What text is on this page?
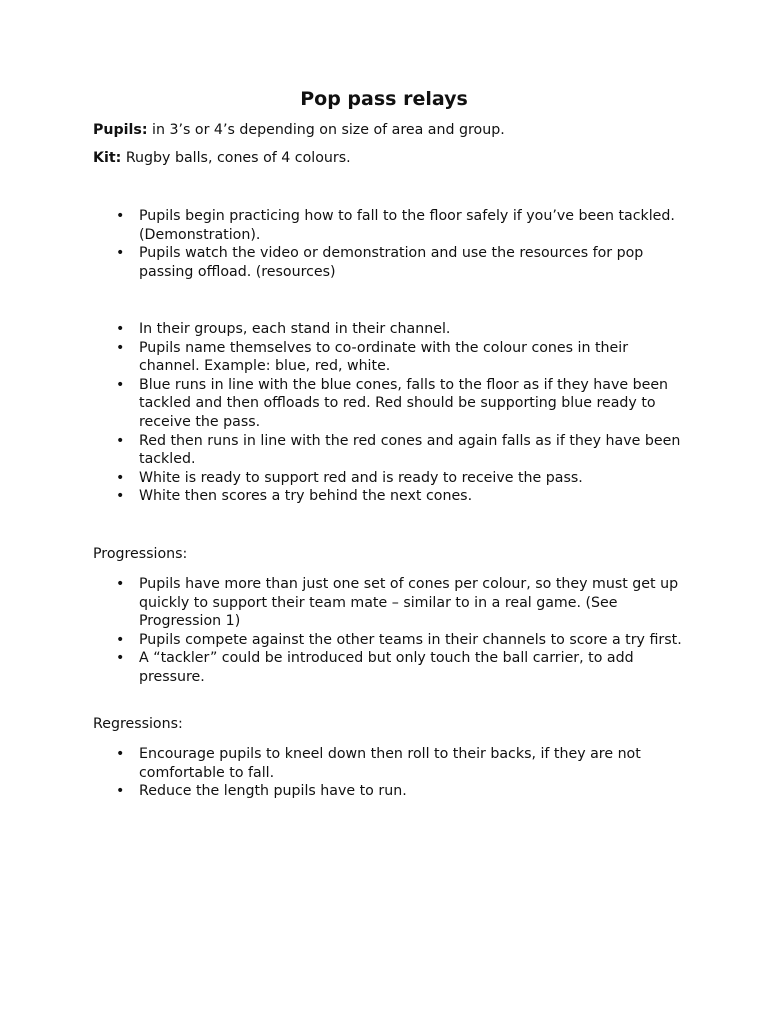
Pop pass relays
Pupils: in 3’s or 4’s depending on size of area and group.
Kit: Rugby balls, cones of 4 colours.
• Pupils begin practicing how to fall to the floor safely if you’ve been tackled. (Demonstration).
• Pupils watch the video or demonstration and use the resources for pop passing offload. (resources)
• In their groups, each stand in their channel.
• Pupils name themselves to co-ordinate with the colour cones in their channel. Example: blue, red, white.
• Blue runs in line with the blue cones, falls to the floor as if they have been tackled and then offloads to red. Red should be supporting blue ready to receive the pass.
• Red then runs in line with the red cones and again falls as if they have been tackled.
• White is ready to support red and is ready to receive the pass.
• White then scores a try behind the next cones.
Progressions:
• Pupils have more than just one set of cones per colour, so they must get up quickly to support their team mate – similar to in a real game. (See Progression 1)
• Pupils compete against the other teams in their channels to score a try first.
• A “tackler” could be introduced but only touch the ball carrier, to add pressure.
Regressions:
• Encourage pupils to kneel down then roll to their backs, if they are not comfortable to fall.
• Reduce the length pupils have to run.
